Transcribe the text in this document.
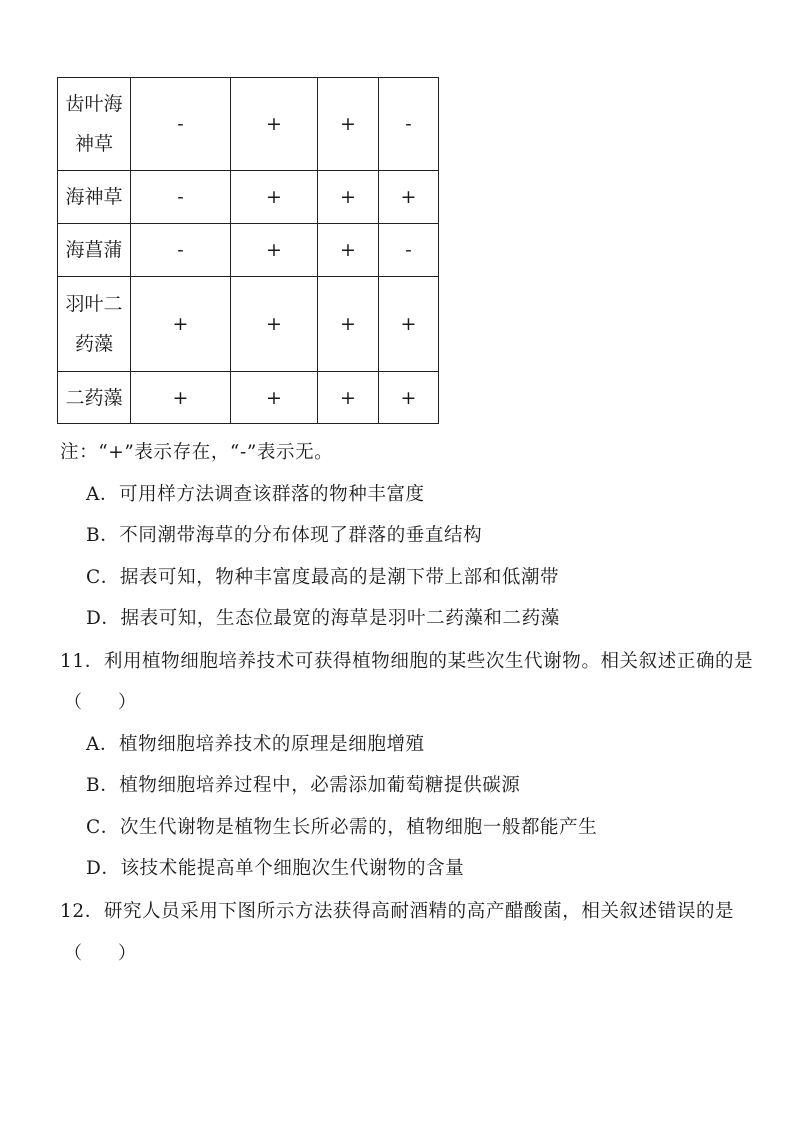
齿叶海
神草	-	+	+	-
海神草	-	+	+	+
海菖蒲	-	+	+	-
羽叶二
药藻	+	+	+	+
二药藻	+	+	+	+
注：“+”表示存在，“-”表示无。
A．可用样方法调查该群落的物种丰富度
B．不同潮带海草的分布体现了群落的垂直结构
C．据表可知，物种丰富度最高的是潮下带上部和低潮带
D．据表可知，生态位最宽的海草是羽叶二药藻和二药藻
11．利用植物细胞培养技术可获得植物细胞的某些次生代谢物。相关叙述正确的是
（　　）
A．植物细胞培养技术的原理是细胞增殖
B．植物细胞培养过程中，必需添加葡萄糖提供碳源
C．次生代谢物是植物生长所必需的，植物细胞一般都能产生
D．该技术能提高单个细胞次生代谢物的含量
12．研究人员采用下图所示方法获得高耐酒精的高产醋酸菌，相关叙述错误的是
（　　）
